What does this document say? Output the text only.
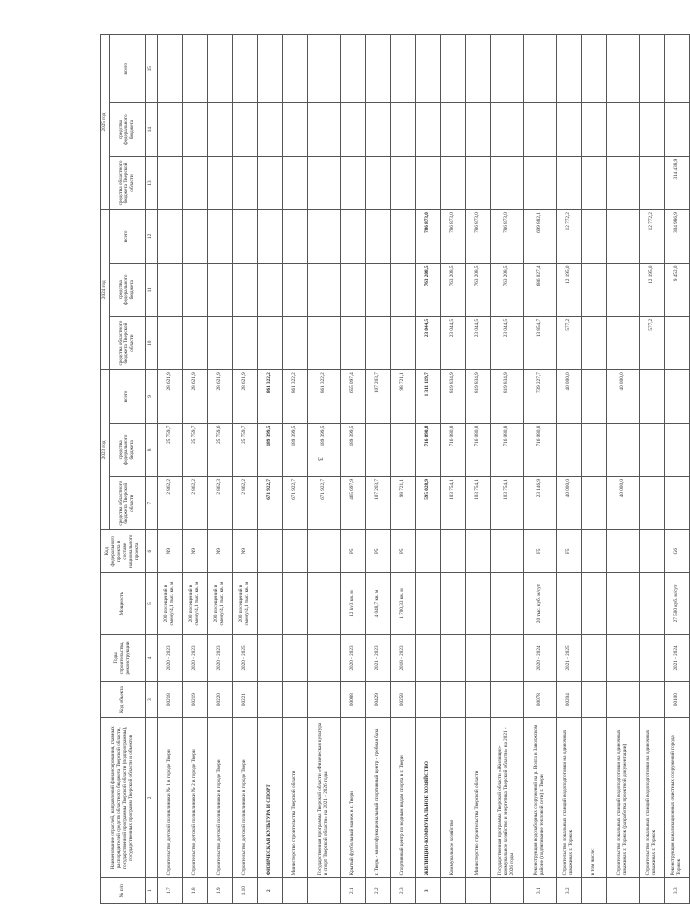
3
№ п/п	Наименование отраслей, направлений финансирования, главных распорядителей средств областного бюджета Тверской области, государственной программы Тверской области (подпрограммы), государственных программ Тверской области и объектов	Код объекта	Годы строительства, реконструкции	Мощность	Код федерального проекта в составе национального проекта	2023 год			2024 год			2025 год		
						средства областного бюджета Тверской области	средства федерального бюджета	всего	средства областного бюджета Тверской области	средства федерального бюджета	всего	средства областного бюджета Тверской области	средства федерального бюджета	всего
1	2	3	4	5	6	7	8	9	10	11	12	13	14	15
1.7	Строительство детской поликлиники № 1 в городе Твери	00218	2020 - 2023	200 посещений в смену/4,1 тыс. кв. м	N9	2 862,2	25 759,7	28 621,9						
1.8	Строительство детской поликлиники № 2 в городе Твери	00219	2020 - 2023	200 посещений в смену/4,1 тыс. кв. м	N9	2 862,2	25 759,7	28 621,9						
1.9	Строительство детской поликлиники в городе Твери	00220	2020 - 2023	200 посещений в смену/4,1 тыс. кв. м	N9	2 862,3	25 759,6	28 621,9						
1.10	Строительство детской поликлиники в городе Твери	00221	2020 - 2025	200 посещений в смену/4,1 тыс. кв. м	N9	2 862,2	25 759,7	28 621,9						
2	ФИЗИЧЕСКАЯ КУЛЬТУРА И СПОРТ					671 922,7	189 399,5	861 322,2						
	Министерство строительства Тверской области					671 922,7	189 399,5	861 322,2						
	Государственная программа Тверской области «Физическая культура и спорт Тверской области» на 2021 - 2026 годы					671 922,7	189 399,5	861 322,2						
2.1	Крытый футбольный манеж в г. Твери	00088	2020 - 2023	12 kv3 кв. м	P5	465 697,9	189 399,5	655 097,4						
2.2	г. Тверь - многофункциональный спортивный центр - гребная база	00429	2021 - 2023	4 048,7 кв. м	P5	107 203,7		107 203,7						
2.3	Спортивный центр по водным видам спорта в г. Твери	00258	2018 - 2023	1 700,33 кв. м	P5	98 721,1		98 721,1						
3	ЖИЛИЩНО-КОММУНАЛЬНОЕ ХОЗЯЙСТВО					595 028,9	716 090,8	1 311 119,7	23 044,5	763 208,5	786 873,0			
	Коммунальное хозяйство					103 754,1	716 080,8	819 834,9	23 044,5	763 208,5	786 873,0			
	Министерство строительства Тверской области					103 754,1	716 080,8	819 834,9	23 044,5	763 208,5	786 873,0			
	Государственная программа Тверской области «Жилищно-коммунальное хозяйство и энергетика Тверской области» на 2021 - 2026 годы					103 754,1	716 080,8	819 834,9	23 044,5	763 208,5	786 873,0			
3.1	Реконструкция водозаборных сооружений на р. Волга в Заволжском районе (подтягивание тепловой сети) г. Твери	00078	2020 - 2024	20 тыс. куб. м/сут	F5	23 146,9	716 080,8	739 227,7	13 854,7	686 027,4	699 882,1			
3.2	Строительство локальных станций водоподготовки на одиночных скважинах г. Торжок	00204	2021 - 2025		F5	40 000,0		40 000,0	577,2	12 195,0	12 772,2			
	в том числе:													
	Строительство локальных станций водоподготовки на одиночных скважинах г. Торжок (разработка проектной документации)					40 000,0		40 000,0						
	Строительство локальных станций водоподготовки на одиночных скважинах г. Торжок								577,2	12 195,0	12 772,2			
3.3	Реконструкция канализационных очистных сооружений города Торжок	00100	2021 - 2024	27 500 куб. м/сут	G6					9 452,0	304 986,9	314 438,9		
